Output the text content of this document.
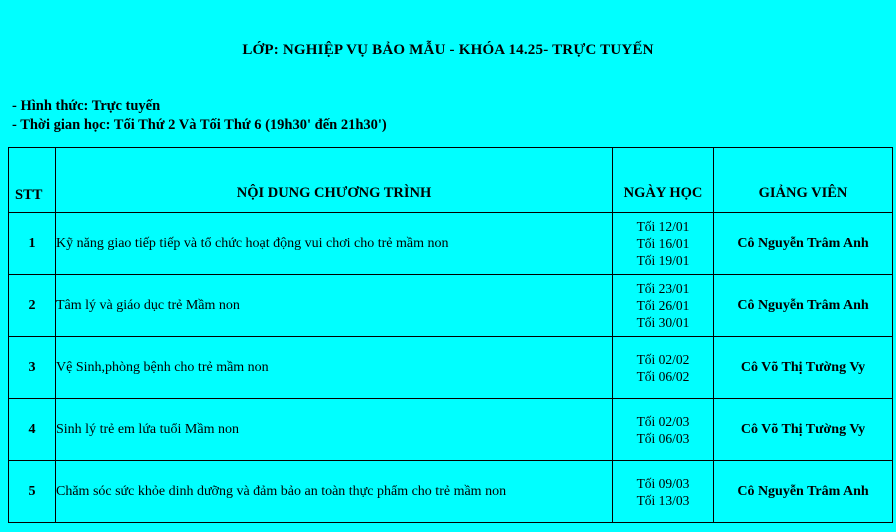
LỚP: NGHIỆP VỤ BẢO MẪU - KHÓA 14.25- TRỰC TUYẾN
- Hình thức: Trực tuyến
- Thời gian học: Tối Thứ 2 Và Tối Thứ 6 (19h30' đến 21h30')
STT	NỘI DUNG CHƯƠNG TRÌNH	NGÀY HỌC	GIẢNG VIÊN

1	Kỹ năng giao tiếp tiếp và tổ chức hoạt động vui chơi cho trẻ mầm non	Tối 12/01
Tối 16/01
Tối 19/01	Cô Nguyễn Trâm Anh
2	Tâm lý và giáo dục trẻ Mầm non	Tối 23/01
Tối 26/01
Tối 30/01	Cô Nguyễn Trâm Anh
3	Vệ Sinh,phòng bệnh cho trẻ mầm non	Tối 02/02
Tối 06/02	Cô Võ Thị Tường Vy
4	Sinh lý trẻ em lứa tuổi Mầm non	Tối 02/03
Tối 06/03	Cô Võ Thị Tường Vy
5	Chăm sóc sức khỏe dinh dưỡng và đảm bảo an toàn thực phẩm cho trẻ mầm non	Tối 09/03
Tối 13/03	Cô Nguyễn Trâm Anh
